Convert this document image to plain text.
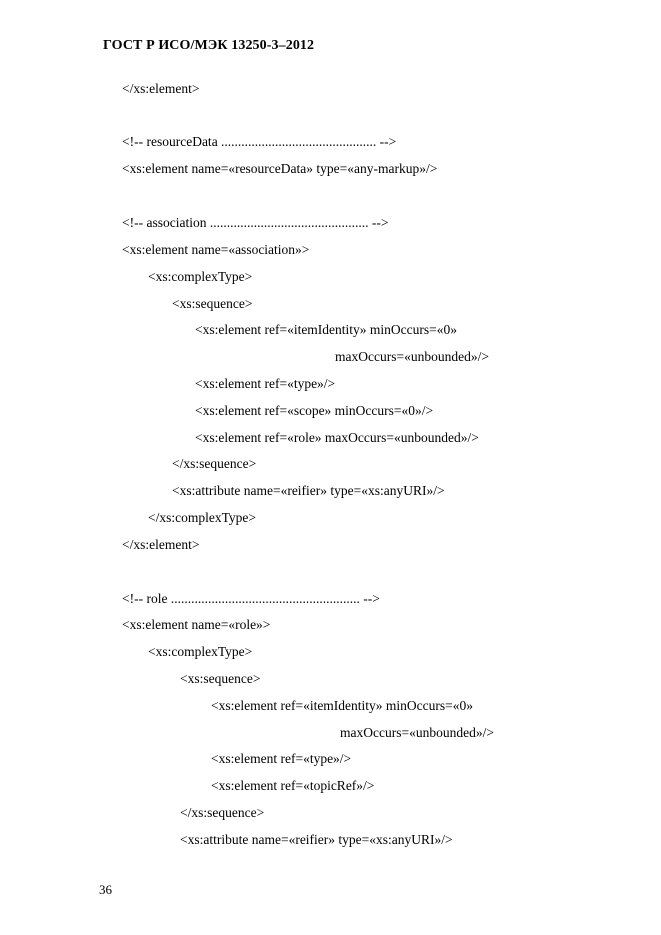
ГОСТ Р ИСО/МЭК 13250-3–2012
</xs:element>
<!-- resourceData .............................................. -->
<xs:element name=«resourceData» type=«any-markup»/>
<!-- association ............................................... -->
<xs:element name=«association»>
<xs:complexType>
<xs:sequence>
<xs:element ref=«itemIdentity» minOccurs=«0»
maxOccurs=«unbounded»/>
<xs:element ref=«type»/>
<xs:element ref=«scope» minOccurs=«0»/>
<xs:element ref=«role» maxOccurs=«unbounded»/>
</xs:sequence>
<xs:attribute name=«reifier» type=«xs:anyURI»/>
</xs:complexType>
</xs:element>
<!-- role ........................................................ -->
<xs:element name=«role»>
<xs:complexType>
<xs:sequence>
<xs:element ref=«itemIdentity» minOccurs=«0»
maxOccurs=«unbounded»/>
<xs:element ref=«type»/>
<xs:element ref=«topicRef»/>
</xs:sequence>
<xs:attribute name=«reifier» type=«xs:anyURI»/>
36
